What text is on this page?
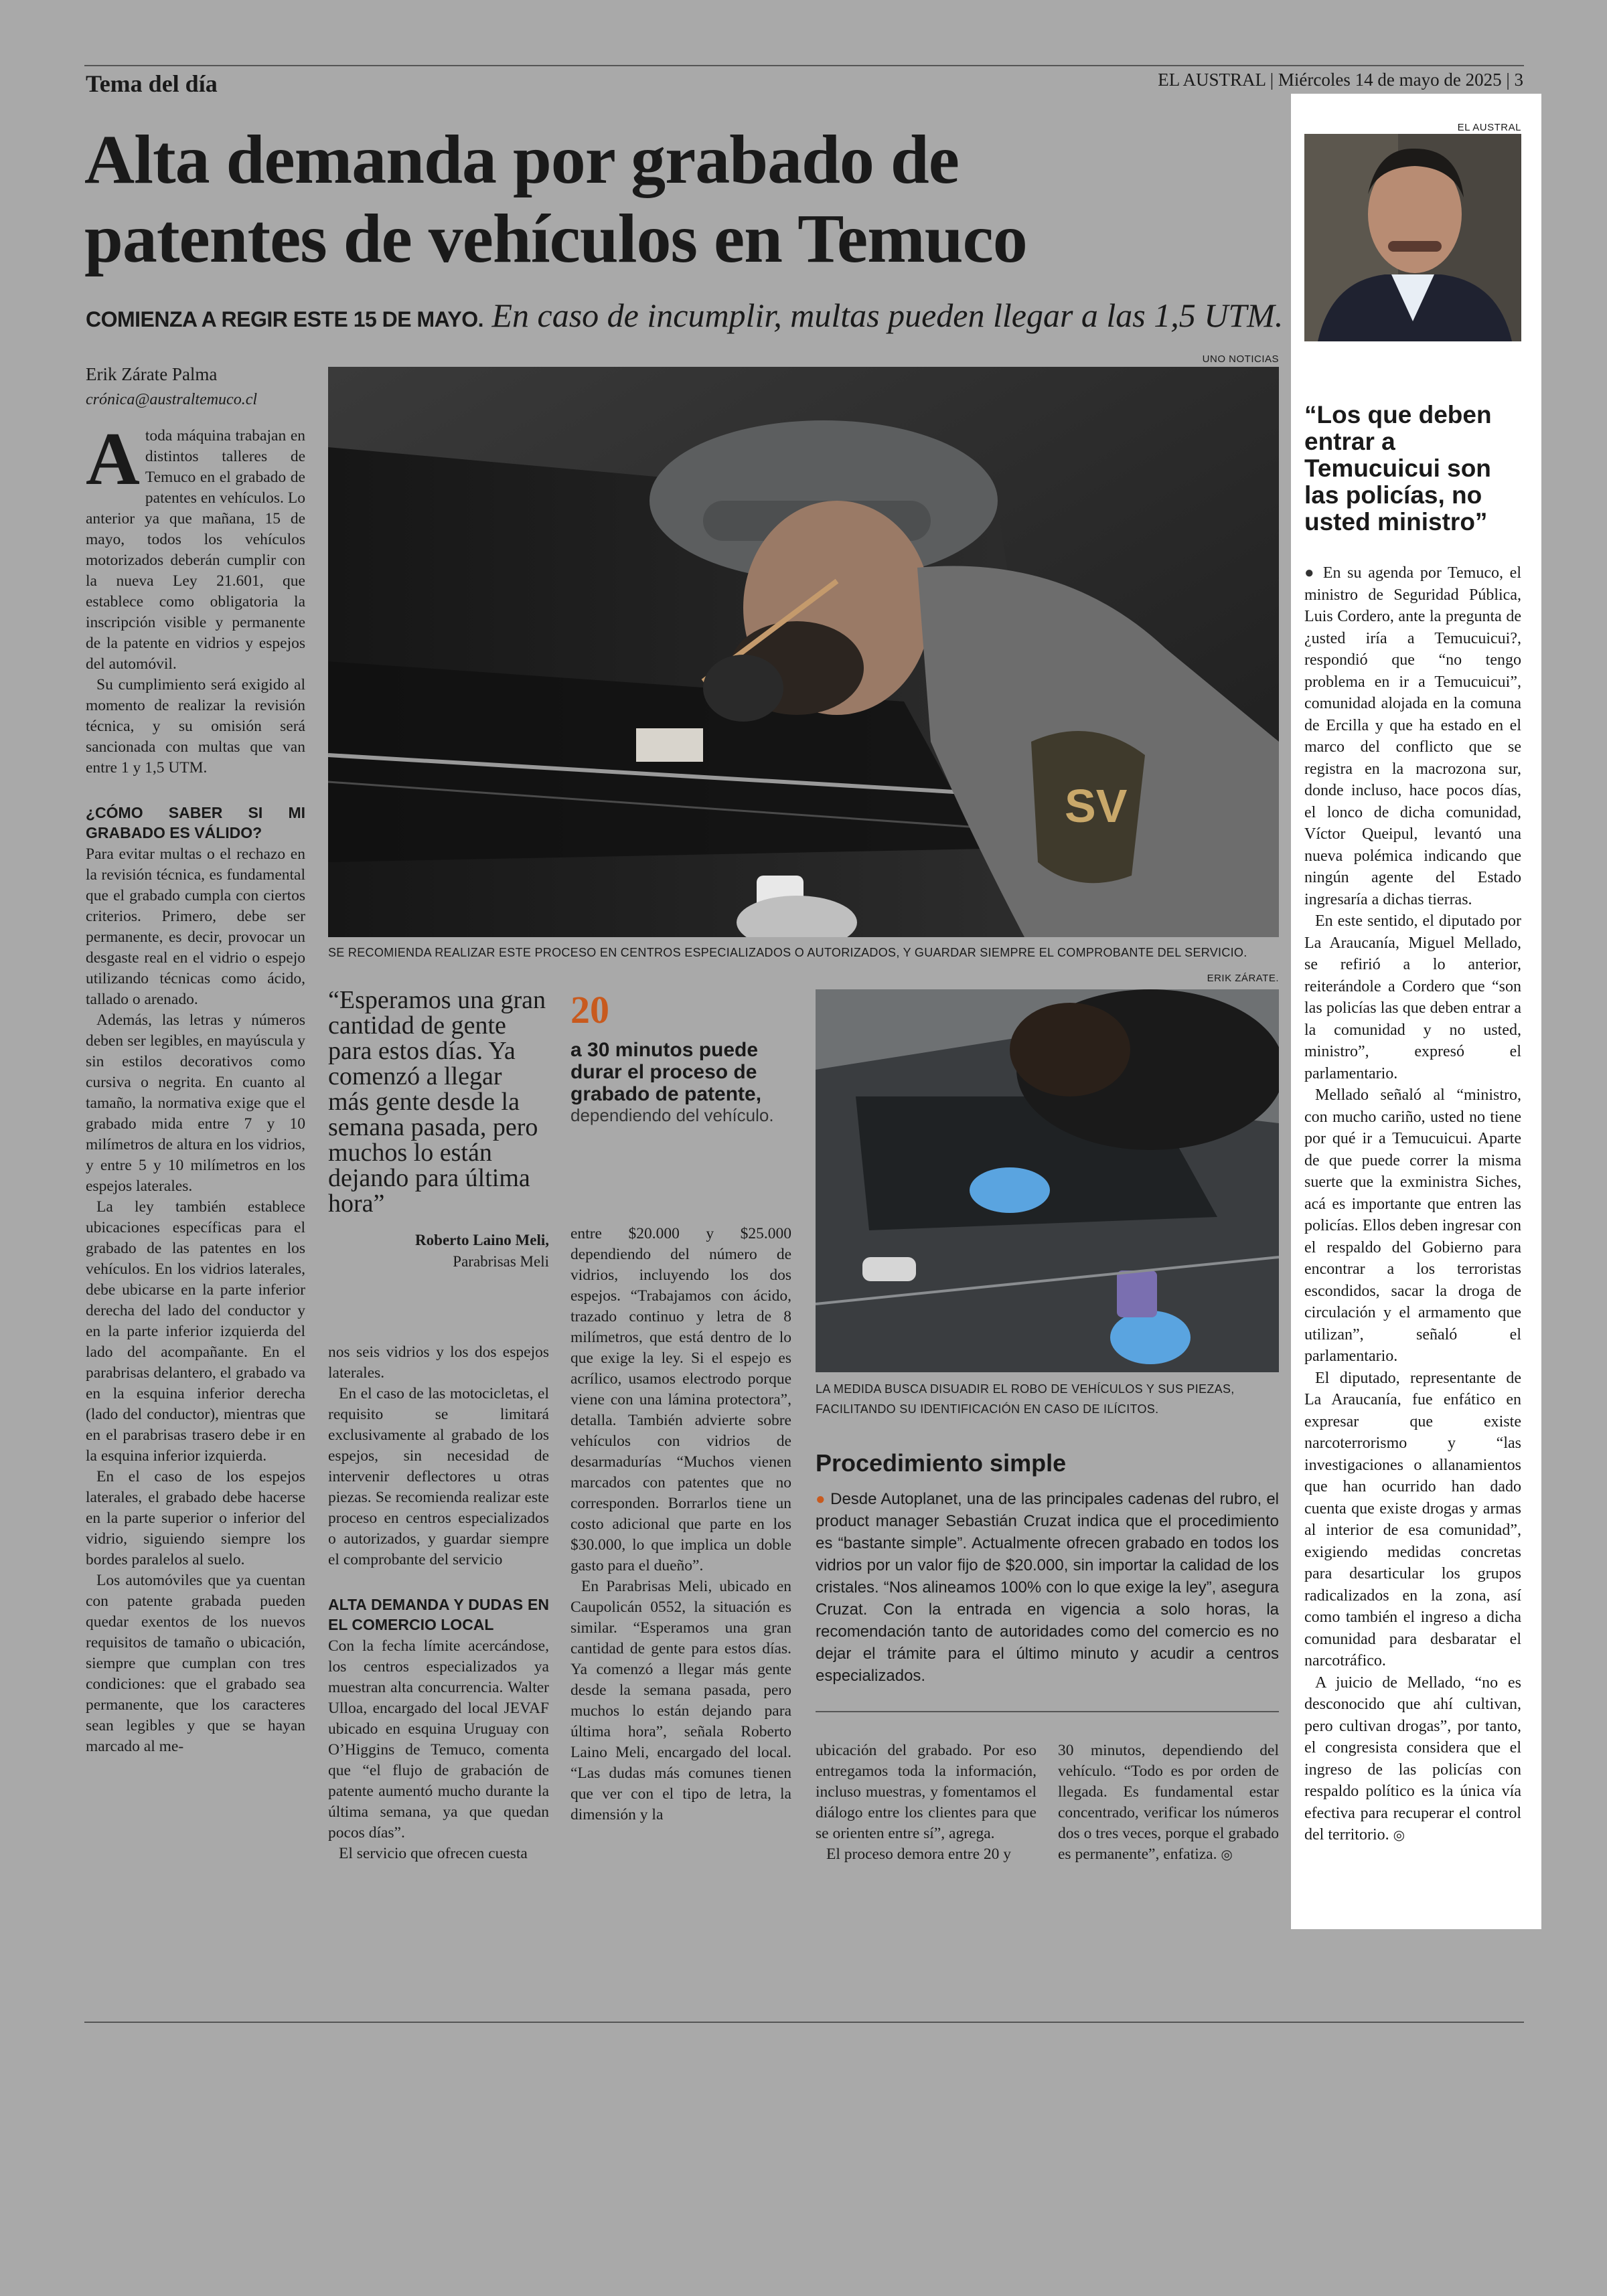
Tema del día	EL AUSTRAL | Miércoles 14 de mayo de 2025 | 3
Alta demanda por grabado de
patentes de vehículos en Temuco
COMIENZA A REGIR ESTE 15 DE MAYO. En caso de incumplir, multas pueden llegar a las 1,5 UTM.
Erik Zárate Palma
crónica@australtemuco.cl
UNO NOTICIAS
SV
SE RECOMIENDA REALIZAR ESTE PROCESO EN CENTROS ESPECIALIZADOS O AUTORIZADOS, Y GUARDAR SIEMPRE EL COMPROBANTE DEL SERVICIO.
A toda máquina trabajan en distintos talleres de Temuco en el grabado de patentes en vehículos. Lo anterior ya que mañana, 15 de mayo, todos los vehículos motorizados deberán cumplir con la nueva Ley 21.601, que establece como obligatoria la inscripción visible y permanente de la patente en vidrios y espejos del automóvil.

Su cumplimiento será exigido al momento de realizar la revisión técnica, y su omisión será sancionada con multas que van entre 1 y 1,5 UTM.

¿CÓMO SABER SI MI GRABADO ES VÁLIDO?

Para evitar multas o el rechazo en la revisión técnica, es fundamental que el grabado cumpla con ciertos criterios. Primero, debe ser permanente, es decir, provocar un desgaste real en el vidrio o espejo utilizando técnicas como ácido, tallado o arenado.

Además, las letras y números deben ser legibles, en mayúscula y sin estilos decorativos como cursiva o negrita. En cuanto al tamaño, la normativa exige que el grabado mida entre 7 y 10 milímetros de altura en los vidrios, y entre 5 y 10 milímetros en los espejos laterales.

La ley también establece ubicaciones específicas para el grabado de las patentes en los vehículos. En los vidrios laterales, debe ubicarse en la parte inferior derecha del lado del conductor y en la parte inferior izquierda del lado del acompañante. En el parabrisas delantero, el grabado va en la esquina inferior derecha (lado del conductor), mientras que en el parabrisas trasero debe ir en la esquina inferior izquierda.

En el caso de los espejos laterales, el grabado debe hacerse en la parte superior o inferior del vidrio, siguiendo siempre los bordes paralelos al suelo.

Los automóviles que ya cuentan con patente grabada pueden quedar exentos de los nuevos requisitos de tamaño o ubicación, siempre que cumplan con tres condiciones: que el grabado sea permanente, que los caracteres sean legibles y que se hayan marcado al me-

“Esperamos una gran cantidad de gente para estos días. Ya comenzó a llegar más gente desde la semana pasada, pero muchos lo están dejando para última hora”
Roberto Laino Meli,
Parabrisas Meli
20
a 30 minutos puede durar el proceso de grabado de patente,
dependiendo del vehículo.
ERIK ZÁRATE.
LA MEDIDA BUSCA DISUADIR EL ROBO DE VEHÍCULOS Y SUS PIEZAS, FACILITANDO SU IDENTIFICACIÓN EN CASO DE ILÍCITOS.

nos seis vidrios y los dos espejos laterales.

En el caso de las motocicletas, el requisito se limitará exclusivamente al grabado de los espejos, sin necesidad de intervenir deflectores u otras piezas. Se recomienda realizar este proceso en centros especializados o autorizados, y guardar siempre el comprobante del servicio

ALTA DEMANDA Y DUDAS EN EL COMERCIO LOCAL

Con la fecha límite acercándose, los centros especializados ya muestran alta concurrencia. Walter Ulloa, encargado del local JEVAF ubicado en esquina Uruguay con O’Higgins de Temuco, comenta que “el flujo de grabación de patente aumentó mucho durante la última semana, ya que quedan pocos días”.

El servicio que ofrecen cuesta

entre $20.000 y $25.000 dependiendo del número de vidrios, incluyendo los dos espejos. “Trabajamos con ácido, trazado continuo y letra de 8 milímetros, que está dentro de lo que exige la ley. Si el espejo es acrílico, usamos electrodo porque viene con una lámina protectora”, detalla. También advierte sobre vehículos con vidrios de desarmadurías “Muchos vienen marcados con patentes que no corresponden. Borrarlos tiene un costo adicional que parte en los $30.000, lo que implica un doble gasto para el dueño”.

En Parabrisas Meli, ubicado en Caupolicán 0552, la situación es similar. “Esperamos una gran cantidad de gente para estos días. Ya comenzó a llegar más gente desde la semana pasada, pero muchos lo están dejando para última hora”, señala Roberto Laino Meli, encargado del local. “Las dudas más comunes tienen que ver con el tipo de letra, la dimensión y la

Procedimiento simple
● Desde Autoplanet, una de las principales cadenas del rubro, el product manager Sebastián Cruzat indica que el procedimiento es “bastante simple”. Actualmente ofrecen grabado en todos los vidrios por un valor fijo de $20.000, sin importar la calidad de los cristales. “Nos alineamos 100% con lo que exige la ley”, asegura Cruzat. Con la entrada en vigencia a solo horas, la recomendación tanto de autoridades como del comercio es no dejar el trámite para el último minuto y acudir a centros especializados.

ubicación del grabado. Por eso entregamos toda la información, incluso muestras, y fomentamos el diálogo entre los clientes para que se orienten entre sí”, agrega.

El proceso demora entre 20 y

30 minutos, dependiendo del vehículo. “Todo es por orden de llegada. Es fundamental estar concentrado, verificar los números dos o tres veces, porque el grabado es permanente”, enfatiza. ◎

EL AUSTRAL
“Los que deben entrar a Temucuicui son las policías, no usted ministro”

● En su agenda por Temuco, el ministro de Seguridad Pública, Luis Cordero, ante la pregunta de ¿usted iría a Temucuicui?, respondió que “no tengo problema en ir a Temucuicui”, comunidad alojada en la comuna de Ercilla y que ha estado en el marco del conflicto que se registra en la macrozona sur, donde incluso, hace pocos días, el lonco de dicha comunidad, Víctor Queipul, levantó una nueva polémica indicando que ningún agente del Estado ingresaría a dichas tierras.

En este sentido, el diputado por La Araucanía, Miguel Mellado, se refirió a lo anterior, reiterándole a Cordero que “son las policías las que deben entrar a la comunidad y no usted, ministro”, expresó el parlamentario.

Mellado señaló al “ministro, con mucho cariño, usted no tiene por qué ir a Temucuicui. Aparte de que puede correr la misma suerte que la exministra Siches, acá es importante que entren las policías. Ellos deben ingresar con el respaldo del Gobierno para encontrar a los terroristas escondidos, sacar la droga de circulación y el armamento que utilizan”, señaló el parlamentario.

El diputado, representante de La Araucanía, fue enfático en expresar que existe narcoterrorismo y “las investigaciones o allanamientos que han ocurrido han dado cuenta que existe drogas y armas al interior de esa comunidad”, exigiendo medidas concretas para desarticular los grupos radicalizados en la zona, así como también el ingreso a dicha comunidad para desbaratar el narcotráfico.

A juicio de Mellado, “no es desconocido que ahí cultivan, pero cultivan drogas”, por tanto, el congresista considera que el ingreso de las policías con respaldo político es la única vía efectiva para recuperar el control del territorio. ◎
